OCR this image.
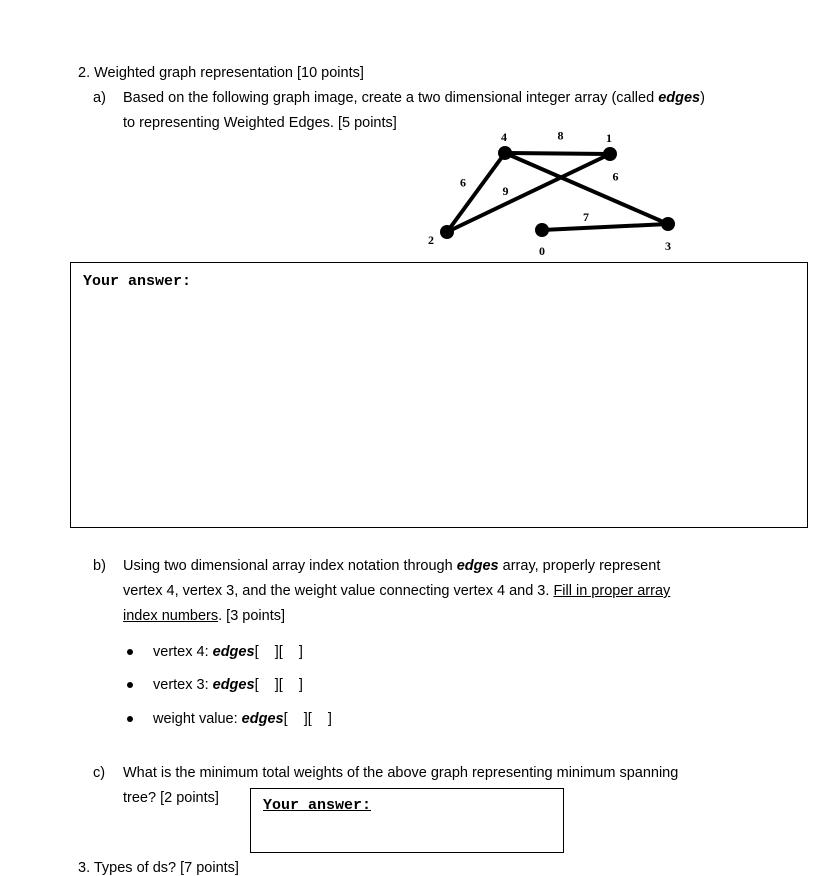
2. Weighted graph representation [10 points]
a) Based on the following graph image, create a two dimensional integer array (called edges)
to representing Weighted Edges. [5 points]
8
6
9
6
7
4	1
2
0	3
Your answer:
b) Using two dimensional array index notation through edges array, properly represent
vertex 4, vertex 3, and the weight value connecting vertex 4 and 3. Fill in proper array
index numbers. [3 points]
vertex 4: edges[    ][    ]
vertex 3: edges[    ][    ]
weight value: edges[    ][    ]
c) What is the minimum total weights of the above graph representing minimum spanning
tree? [2 points]	Your answer:
3. Types of ds? [7 points]
